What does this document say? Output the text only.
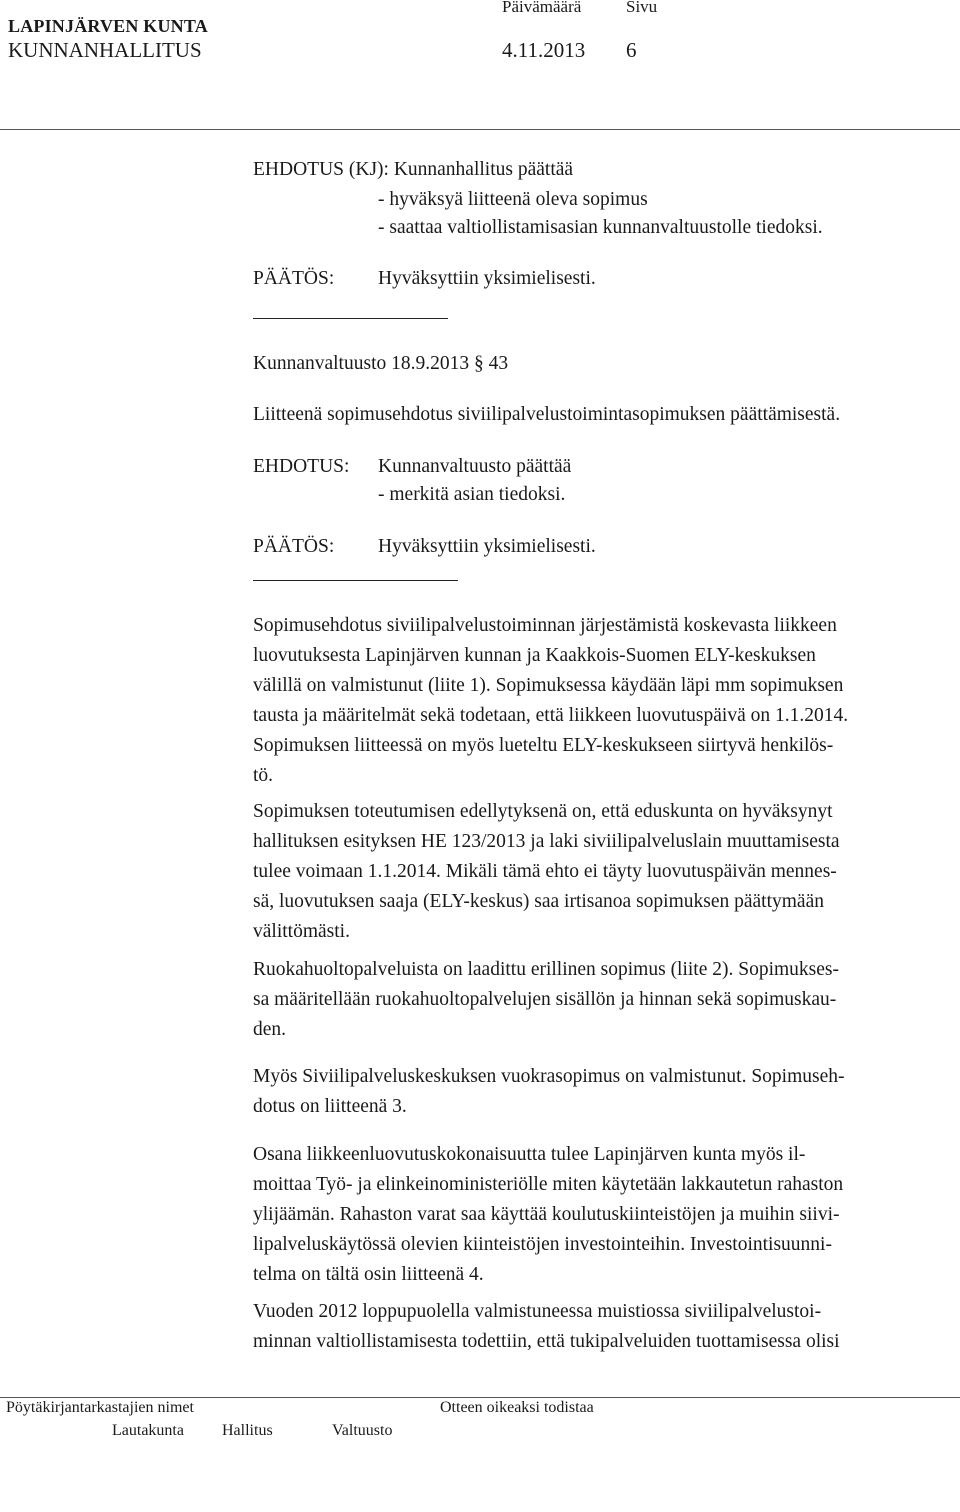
LAPINJÄRVEN KUNTA
KUNNANHALLITUS
Päivämäärä	Sivu
4.11.2013 6
EHDOTUS (KJ): Kunnanhallitus päättää
- hyväksyä liitteenä oleva sopimus
- saattaa valtiollistamisasian kunnanvaltuustolle tiedoksi.
PÄÄTÖS: Hyväksyttiin yksimielisesti.
Kunnanvaltuusto 18.9.2013 § 43
Liitteenä sopimusehdotus siviilipalvelustoimintasopimuksen päättämisestä.
EHDOTUS: Kunnanvaltuusto päättää
- merkitä asian tiedoksi.
PÄÄTÖS: Hyväksyttiin yksimielisesti.
Sopimusehdotus siviilipalvelustoiminnan järjestämistä koskevasta liikkeen
luovutuksesta Lapinjärven kunnan ja Kaakkois-Suomen ELY-keskuksen
välillä on valmistunut (liite 1). Sopimuksessa käydään läpi mm sopimuksen
tausta ja määritelmät sekä todetaan, että liikkeen luovutuspäivä on 1.1.2014.
Sopimuksen liitteessä on myös lueteltu ELY-keskukseen siirtyvä henkilös-
tö.
Sopimuksen toteutumisen edellytyksenä on, että eduskunta on hyväksynyt
hallituksen esityksen HE 123/2013 ja laki siviilipalveluslain muuttamisesta
tulee voimaan 1.1.2014. Mikäli tämä ehto ei täyty luovutuspäivän mennes-
sä, luovutuksen saaja (ELY-keskus) saa irtisanoa sopimuksen päättymään
välittömästi.
Ruokahuoltopalveluista on laadittu erillinen sopimus (liite 2). Sopimukses-
sa määritellään ruokahuoltopalvelujen sisällön ja hinnan sekä sopimuskau-
den.
Myös Siviilipalveluskeskuksen vuokrasopimus on valmistunut. Sopimuseh-
dotus on liitteenä 3.
Osana liikkeenluovutuskokonaisuutta tulee Lapinjärven kunta myös il-
moittaa Työ- ja elinkeinoministeriölle miten käytetään lakkautetun rahaston
ylijäämän. Rahaston varat saa käyttää koulutuskiinteistöjen ja muihin siivi-
lipalveluskäytössä olevien kiinteistöjen investointeihin. Investointisuunni-
telma on tältä osin liitteenä 4.
Vuoden 2012 loppupuolella valmistuneessa muistiossa siviilipalvelustoi-
minnan valtiollistamisesta todettiin, että tukipalveluiden tuottamisessa olisi
Pöytäkirjantarkastajien nimet	Otteen oikeaksi todistaa
Lautakunta Hallitus	Valtuusto
